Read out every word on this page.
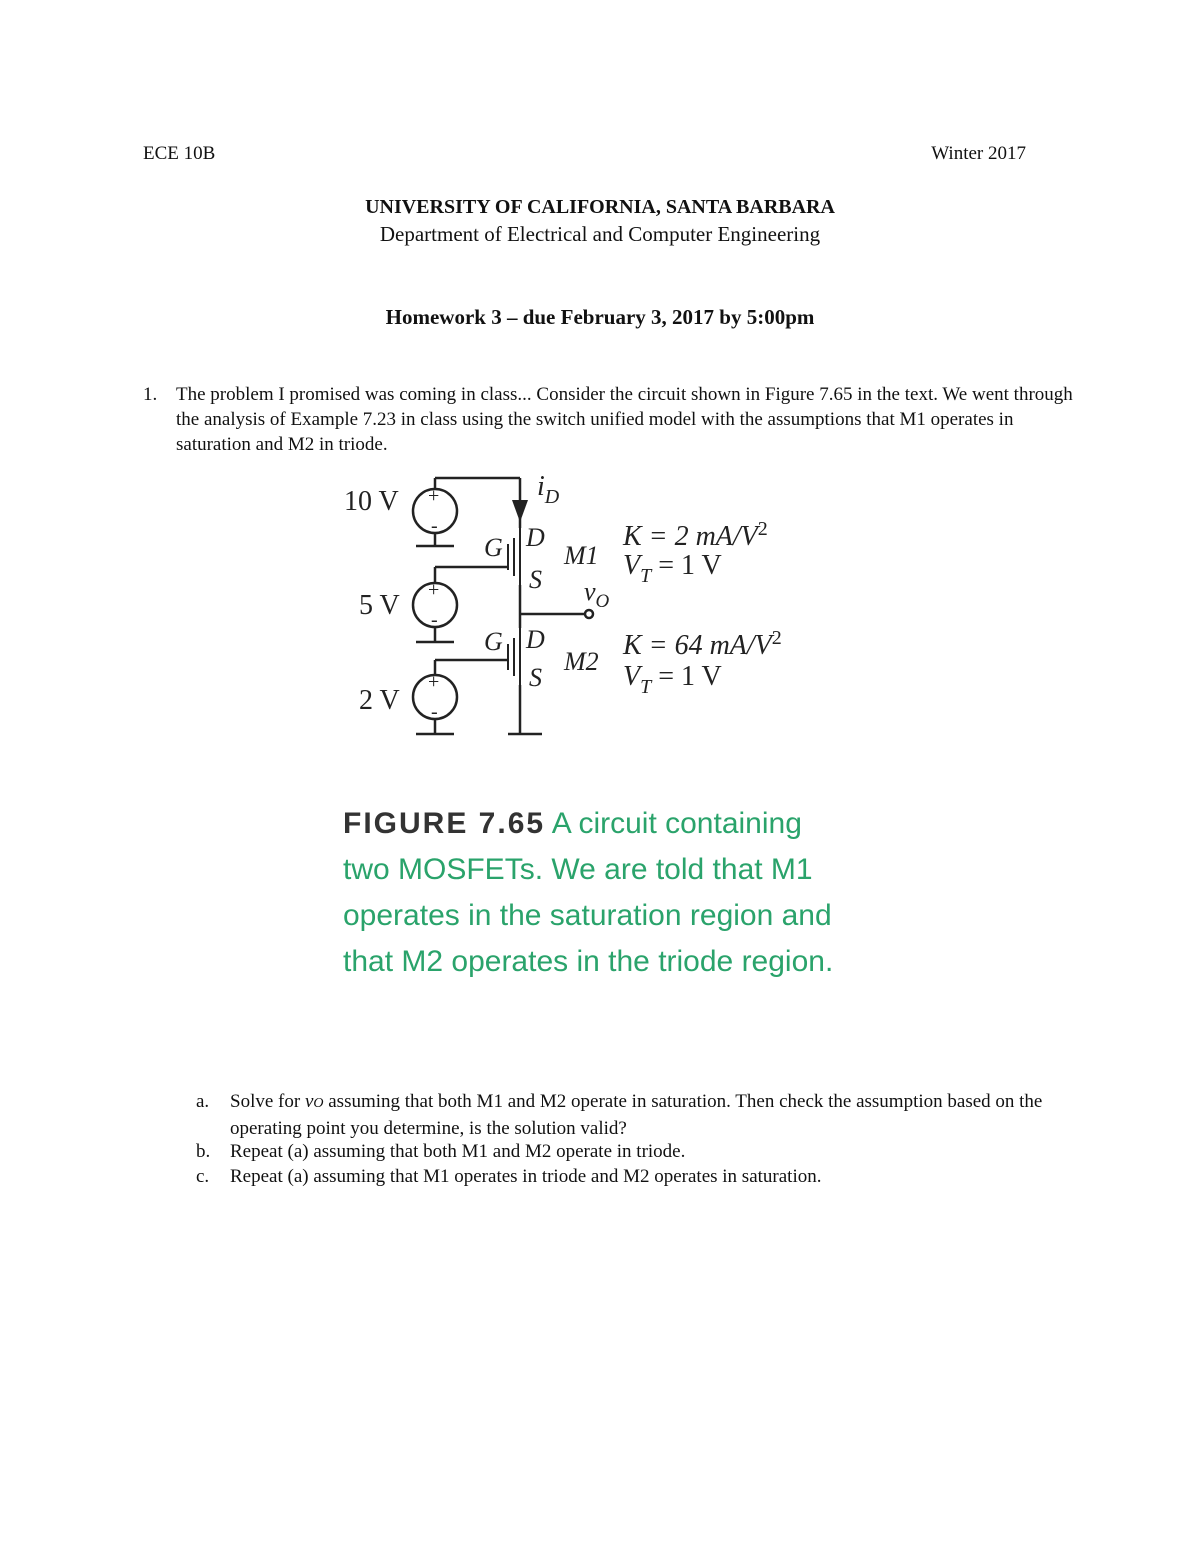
ECE 10B	Winter 2017
UNIVERSITY OF CALIFORNIA, SANTA BARBARA
Department of Electrical and Computer Engineering
Homework 3 – due February 3, 2017 by 5:00pm
1. The problem I promised was coming in class... Consider the circuit shown in Figure 7.65 in the text. We went through the analysis of Example 7.23 in class using the switch unified model with the assumptions that M1 operates in saturation and M2 in triode.
10 V
5 V
2 V
+
-
+
-
+
-
$i_D$
G D
S
M1
$v_O$
G D
S
M2
K = 2 $mA/V^2$
$V_T = 1$ V
K = 64 $mA/V^2$
$V_T = 1$ V
FIGURE 7.65 A circuit containing two MOSFETs. We are told that M1 operates in the saturation region and that M2 operates in the triode region.
a. Solve for vO assuming that both M1 and M2 operate in saturation. Then check the assumption based on the operating point you determine, is the solution valid?
b. Repeat (a) assuming that both M1 and M2 operate in triode.
c. Repeat (a) assuming that M1 operates in triode and M2 operates in saturation.
